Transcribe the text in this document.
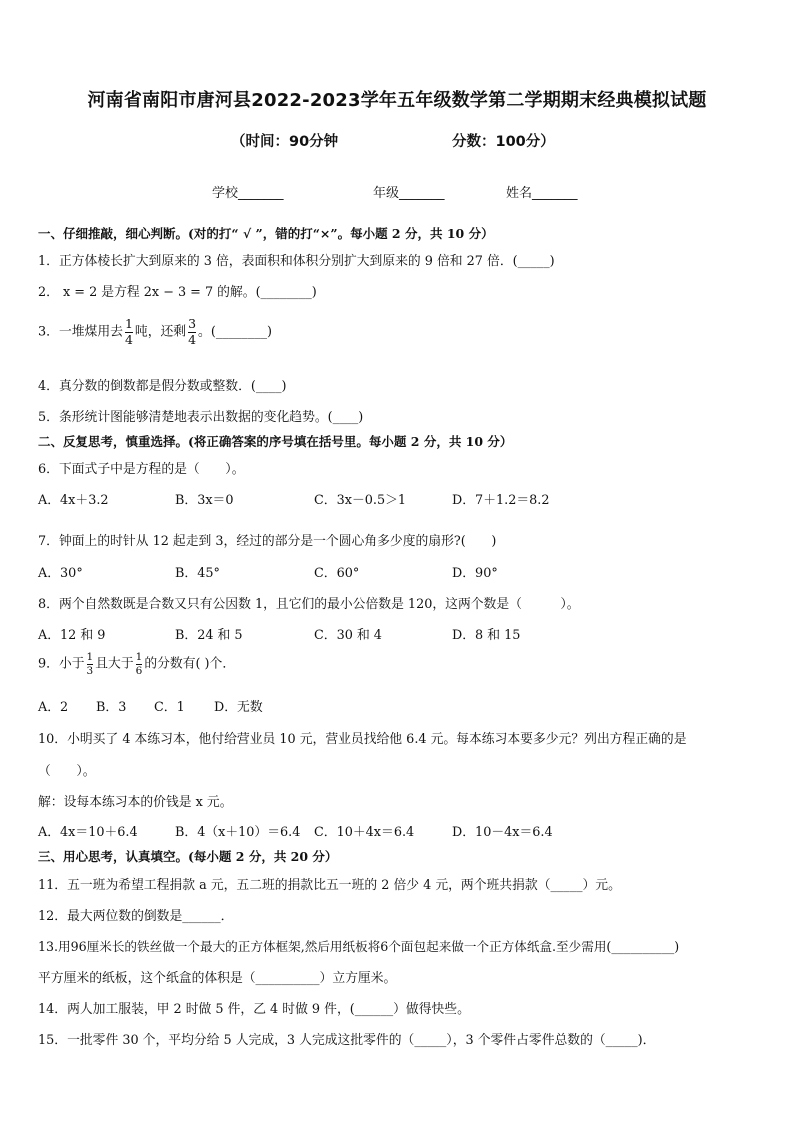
河南省南阳市唐河县2022-2023学年五年级数学第二学期期末经典模拟试题
（时间：90分钟	分数：100分）
学校_______	年级_______	姓名_______
一、仔细推敲，细心判断。(对的打“ √ ”，错的打“×”。每小题 2 分，共 10 分）
1．正方体棱长扩大到原来的 3 倍，表面积和体积分别扩大到原来的 9 倍和 27 倍．(_____)
2． x = 2 是方程 2x − 3 = 7 的解。(________)
3．一堆煤用去 $\frac{1}{4}$ 吨，还剩 $\frac{3}{4}$ 。(________)
4．真分数的倒数都是假分数或整数．(____)
5．条形统计图能够清楚地表示出数据的变化趋势。(____)
二、反复思考，慎重选择。(将正确答案的序号填在括号里。每小题 2 分，共 10 分）
6．下面式子中是方程的是（　　）。
A．4x＋3.2	B．3x＝0	C．3x－0.5＞1	D．7＋1.2＝8.2
7．钟面上的时针从 12 起走到 3，经过的部分是一个圆心角多少度的扇形?(　　)
A．30°	B．45°	C．60°	D．90°
8．两个自然数既是合数又只有公因数 1，且它们的最小公倍数是 120，这两个数是（　　　）。
A．12 和 9	B．24 和 5	C．30 和 4	D．8 和 15
9．小于 $\frac{1}{3}$ 且大于 $\frac{1}{6}$ 的分数有( )个．
A．2 B．3 C．1 D．无数
10．小明买了 4 本练习本，他付给营业员 10 元，营业员找给他 6.4 元。每本练习本要多少元？列出方程正确的是
（　　）。
解：设每本练习本的价钱是 x 元。
A．4x＝10＋6.4	B．4（x＋10）＝6.4 C．10＋4x＝6.4	D．10－4x＝6.4
三、用心思考，认真填空。(每小题 2 分，共 20 分）
11．五一班为希望工程捐款 a 元，五二班的捐款比五一班的 2 倍少 4 元，两个班共捐款（_____）元。
12．最大两位数的倒数是______．
13.用96厘米长的铁丝做一个最大的正方体框架,然后用纸板将6个面包起来做一个正方体纸盒.至少需用(__________)
平方厘米的纸板，这个纸盒的体积是（__________）立方厘米。
14．两人加工服装，甲 2 时做 5 件，乙 4 时做 9 件，(______）做得快些。
15．一批零件 30 个，平均分给 5 人完成，3 人完成这批零件的（_____），3 个零件占零件总数的（_____)．
